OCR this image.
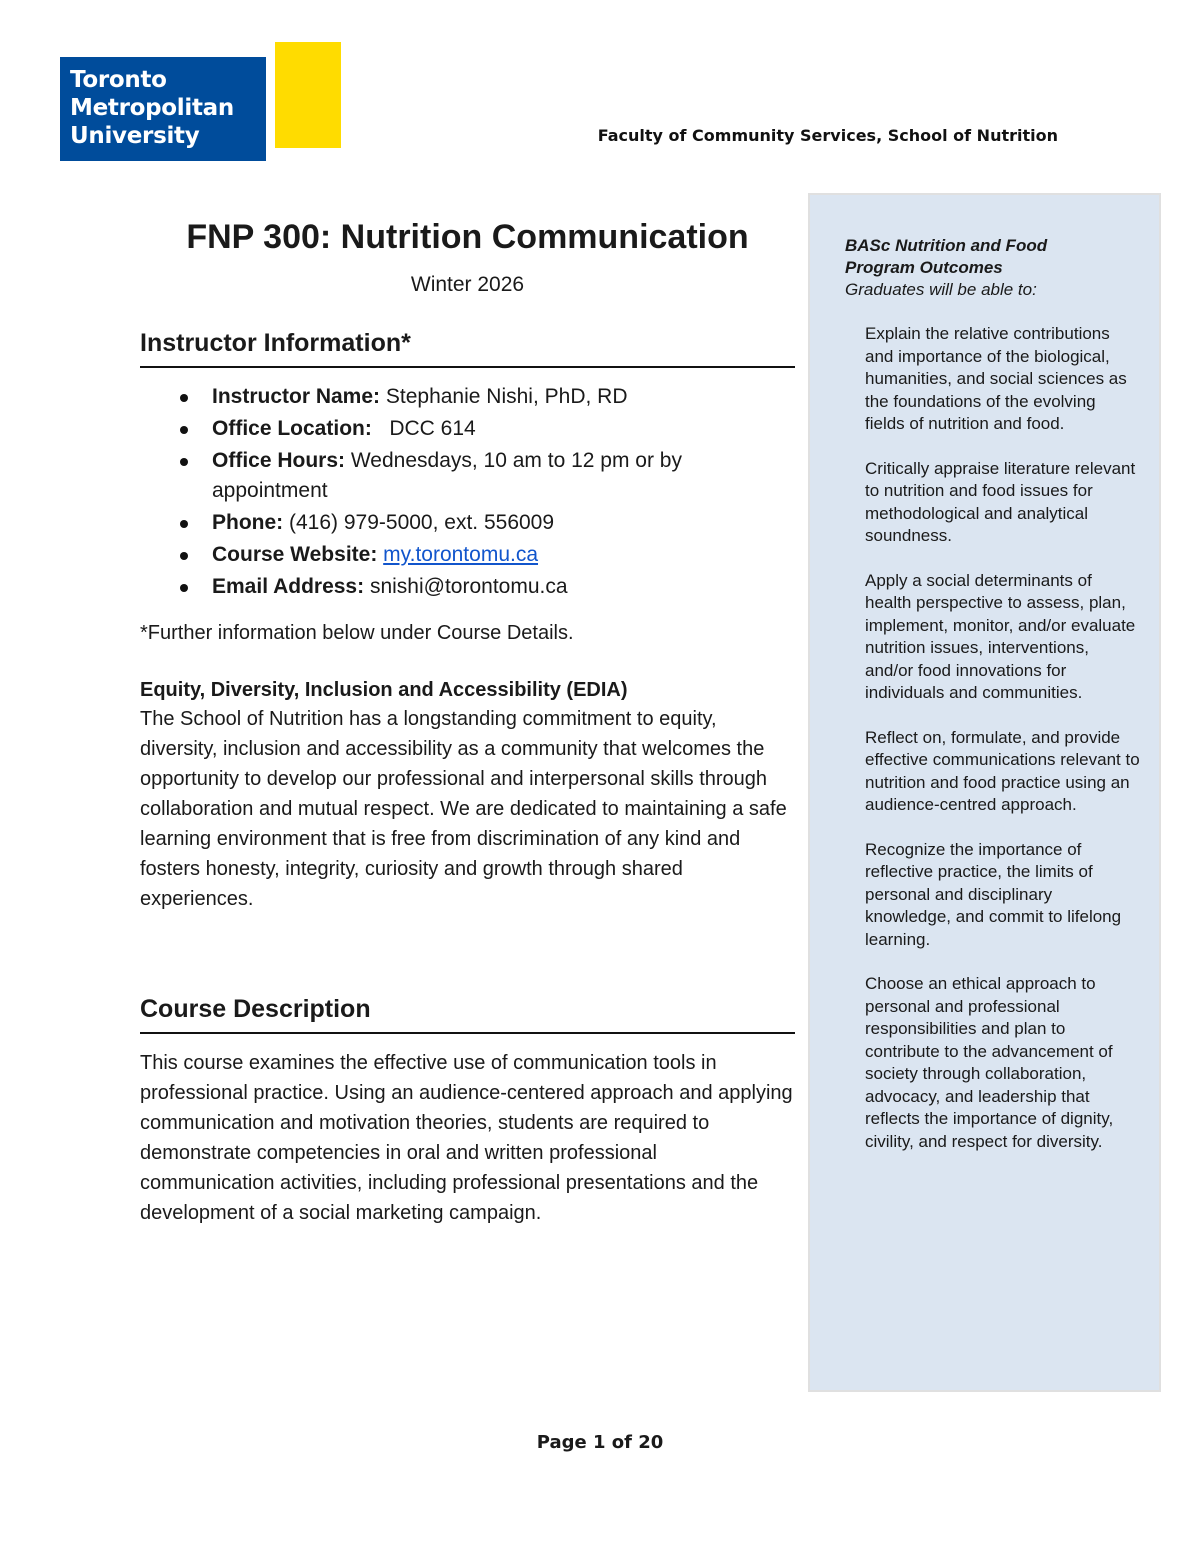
Toronto
Metropolitan
University	Faculty of Community Services, School of Nutrition
FNP 300: Nutrition Communication
Winter 2026
Instructor Information*
Instructor Name: Stephanie Nishi, PhD, RD
Office Location:   DCC 614
Office Hours: Wednesdays, 10 am to 12 pm or by appointment
Phone: (416) 979-5000, ext. 556009
Course Website: my.torontomu.ca
Email Address: snishi@torontomu.ca
*Further information below under Course Details.
Equity, Diversity, Inclusion and Accessibility (EDIA)
The School of Nutrition has a longstanding commitment to equity, diversity, inclusion and accessibility as a community that welcomes the opportunity to develop our professional and interpersonal skills through collaboration and mutual respect. We are dedicated to maintaining a safe learning environment that is free from discrimination of any kind and fosters honesty, integrity, curiosity and growth through shared experiences.
Course Description
This course examines the effective use of communication tools in professional practice. Using an audience-centered approach and applying communication and motivation theories, students are required to demonstrate competencies in oral and written professional communication activities, including professional presentations and the development of a social marketing campaign.
BASc Nutrition and Food Program Outcomes
Graduates will be able to:
Explain the relative contributions and importance of the biological, humanities, and social sciences as the foundations of the evolving fields of nutrition and food.
Critically appraise literature relevant to nutrition and food issues for methodological and analytical soundness.
Apply a social determinants of health perspective to assess, plan, implement, monitor, and/or evaluate nutrition issues, interventions, and/or food innovations for individuals and communities.
Reflect on, formulate, and provide effective communications relevant to nutrition and food practice using an audience-centred approach.
Recognize the importance of reflective practice, the limits of personal and disciplinary knowledge, and commit to lifelong learning.
Choose an ethical approach to personal and professional responsibilities and plan to contribute to the advancement of society through collaboration, advocacy, and leadership that reflects the importance of dignity, civility, and respect for diversity.
Page 1 of 20
